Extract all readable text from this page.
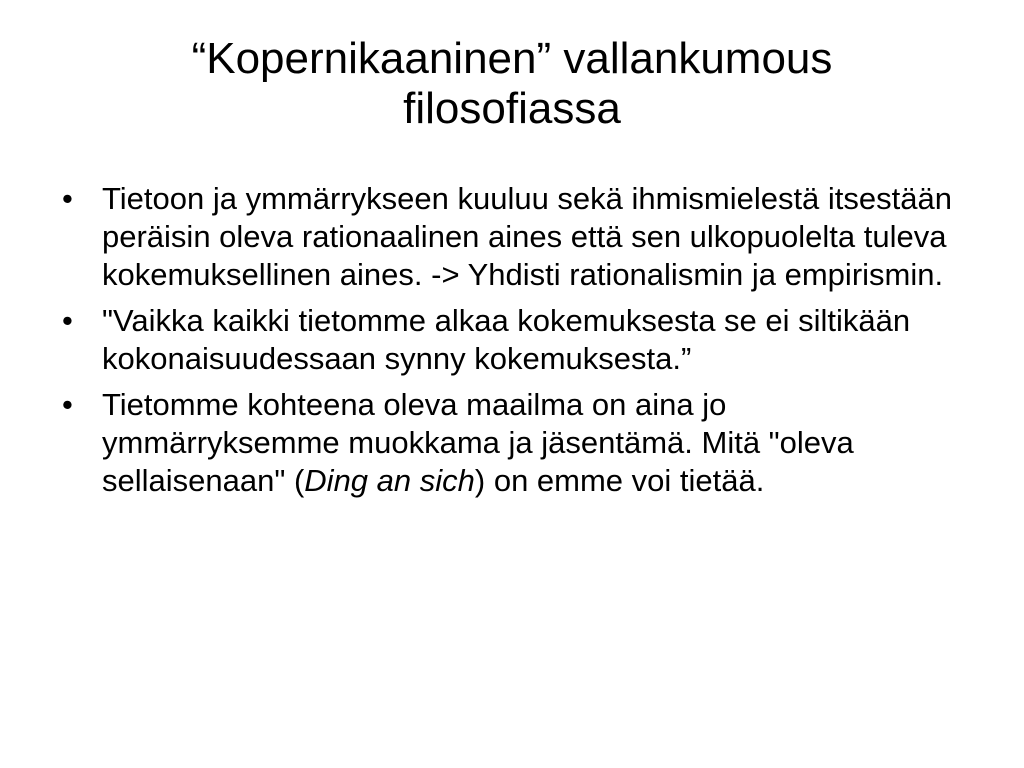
“Kopernikaaninen” vallankumous
filosofiassa
• Tietoon ja ymmärrykseen kuuluu sekä ihmismielestä itsestään peräisin oleva rationaalinen aines että sen ulkopuolelta tuleva kokemuksellinen aines. -> Yhdisti rationalismin ja empirismin.
• "Vaikka kaikki tietomme alkaa kokemuksesta se ei siltikään kokonaisuudessaan synny kokemuksesta.”
• Tietomme kohteena oleva maailma on aina jo ymmärryksemme muokkama ja jäsentämä. Mitä "oleva sellaisenaan" (Ding an sich) on emme voi tietää.
